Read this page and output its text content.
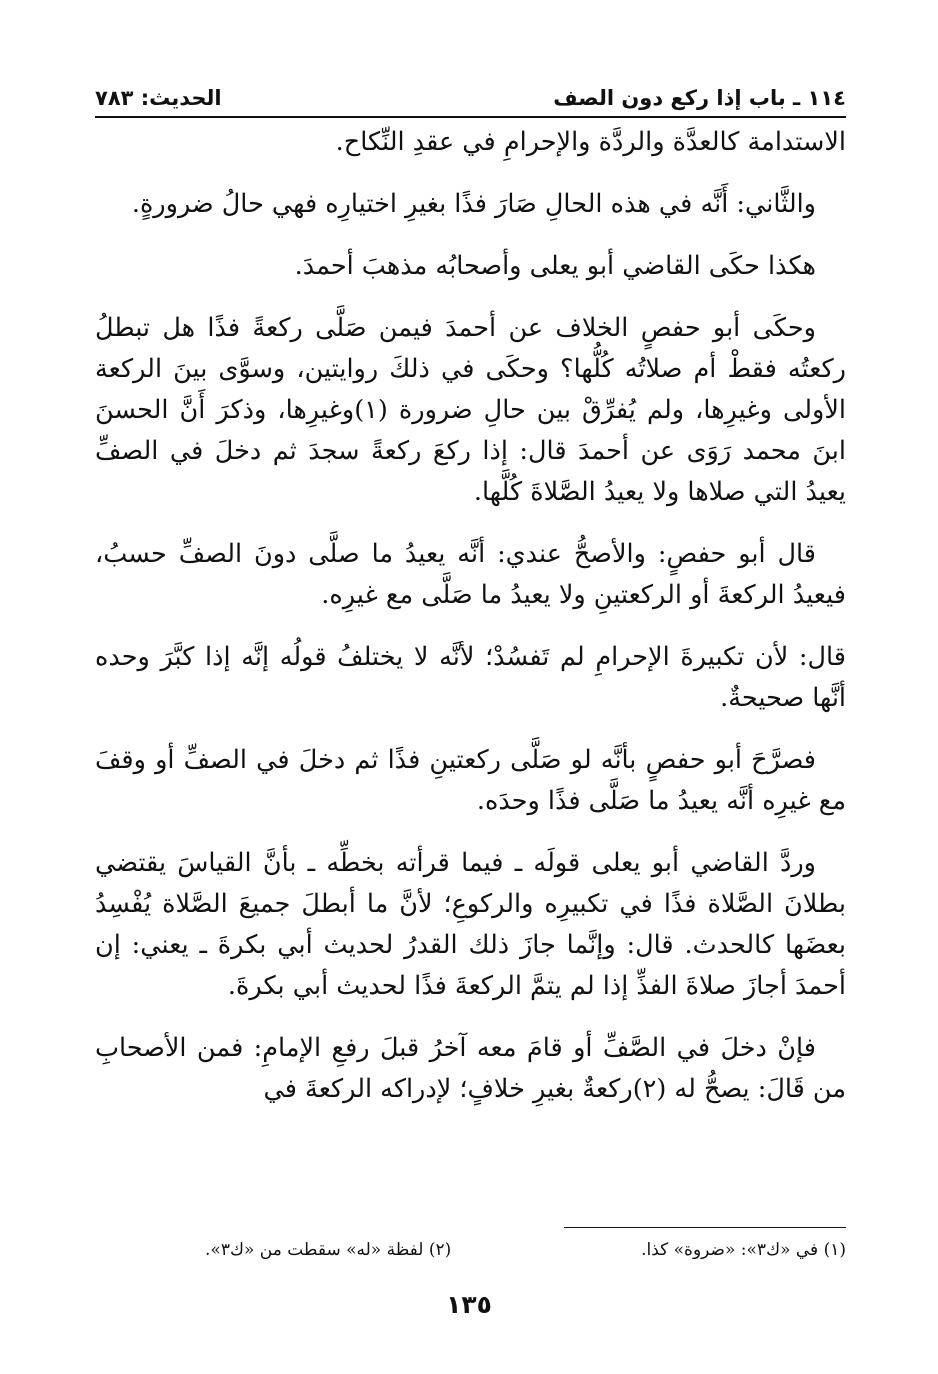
١١٤ ـ باب إذا ركع دون الصف
الحديث: ٧٨٣

الاستدامة كالعدَّة والردَّة والإحرامِ في عقدِ النِّكاح.

والثَّاني: أَنَّه في هذه الحالِ صَارَ فذًا بغيرِ اختيارِه فهي حالُ ضرورةٍ.

هكذا حكَى القاضي أبو يعلى وأصحابُه مذهبَ أحمدَ.

وحكَى أبو حفصٍ الخلاف عن أحمدَ فيمن صَلَّى ركعةً فذًا هل تبطلُ ركعتُه فقطْ أم صلاتُه كُلُّها؟ وحكَى في ذلكَ روايتين، وسوَّى بينَ الركعة الأولى وغيرِها، ولم يُفرِّقْ بين حالِ ضرورة (١)وغيرِها، وذكرَ أَنَّ الحسنَ ابنَ محمد رَوَى عن أحمدَ قال: إذا ركعَ ركعةً سجدَ ثم دخلَ في الصفِّ يعيدُ التي صلاها ولا يعيدُ الصَّلاةَ كُلَّها.

قال أبو حفصٍ: والأصحُّ عندي: أنَّه يعيدُ ما صلَّى دونَ الصفِّ حسبُ، فيعيدُ الركعةَ أو الركعتينِ ولا يعيدُ ما صَلَّى مع غيرِه.

قال: لأن تكبيرةَ الإحرامِ لم تَفسُدْ؛ لأنَّه لا يختلفُ قولُه إنَّه إذا كبَّرَ وحده أنَّها صحيحةٌ.

فصرَّحَ أبو حفصٍ بأنَّه لو صَلَّى ركعتينِ فذًا ثم دخلَ في الصفِّ أو وقفَ مع غيرِه أنَّه يعيدُ ما صَلَّى فذًا وحدَه.

وردَّ القاضي أبو يعلى قولَه ـ فيما قرأته بخطِّه ـ بأنَّ القياسَ يقتضي بطلانَ الصَّلاة فذًا في تكبيرِه والركوعِ؛ لأنَّ ما أبطلَ جميعَ الصَّلاة يُفْسِدُ بعضَها كالحدث. قال: وإنَّما جازَ ذلك القدرُ لحديث أبي بكرةَ ـ يعني: إن أحمدَ أجازَ صلاةَ الفذِّ إذا لم يتمَّ الركعةَ فذًا لحديث أبي بكرةَ.

فإنْ دخلَ في الصَّفِّ أو قامَ معه آخرُ قبلَ رفعِ الإمامِ: فمن الأصحابِ من قَالَ: يصحُّ له (٢)ركعةٌ بغيرِ خلافٍ؛ لإدراكه الركعةَ في

(١) في «ك٣»: «ضروة» كذا.
(٢) لفظة «له» سقطت من «ك٣».
١٣٥
